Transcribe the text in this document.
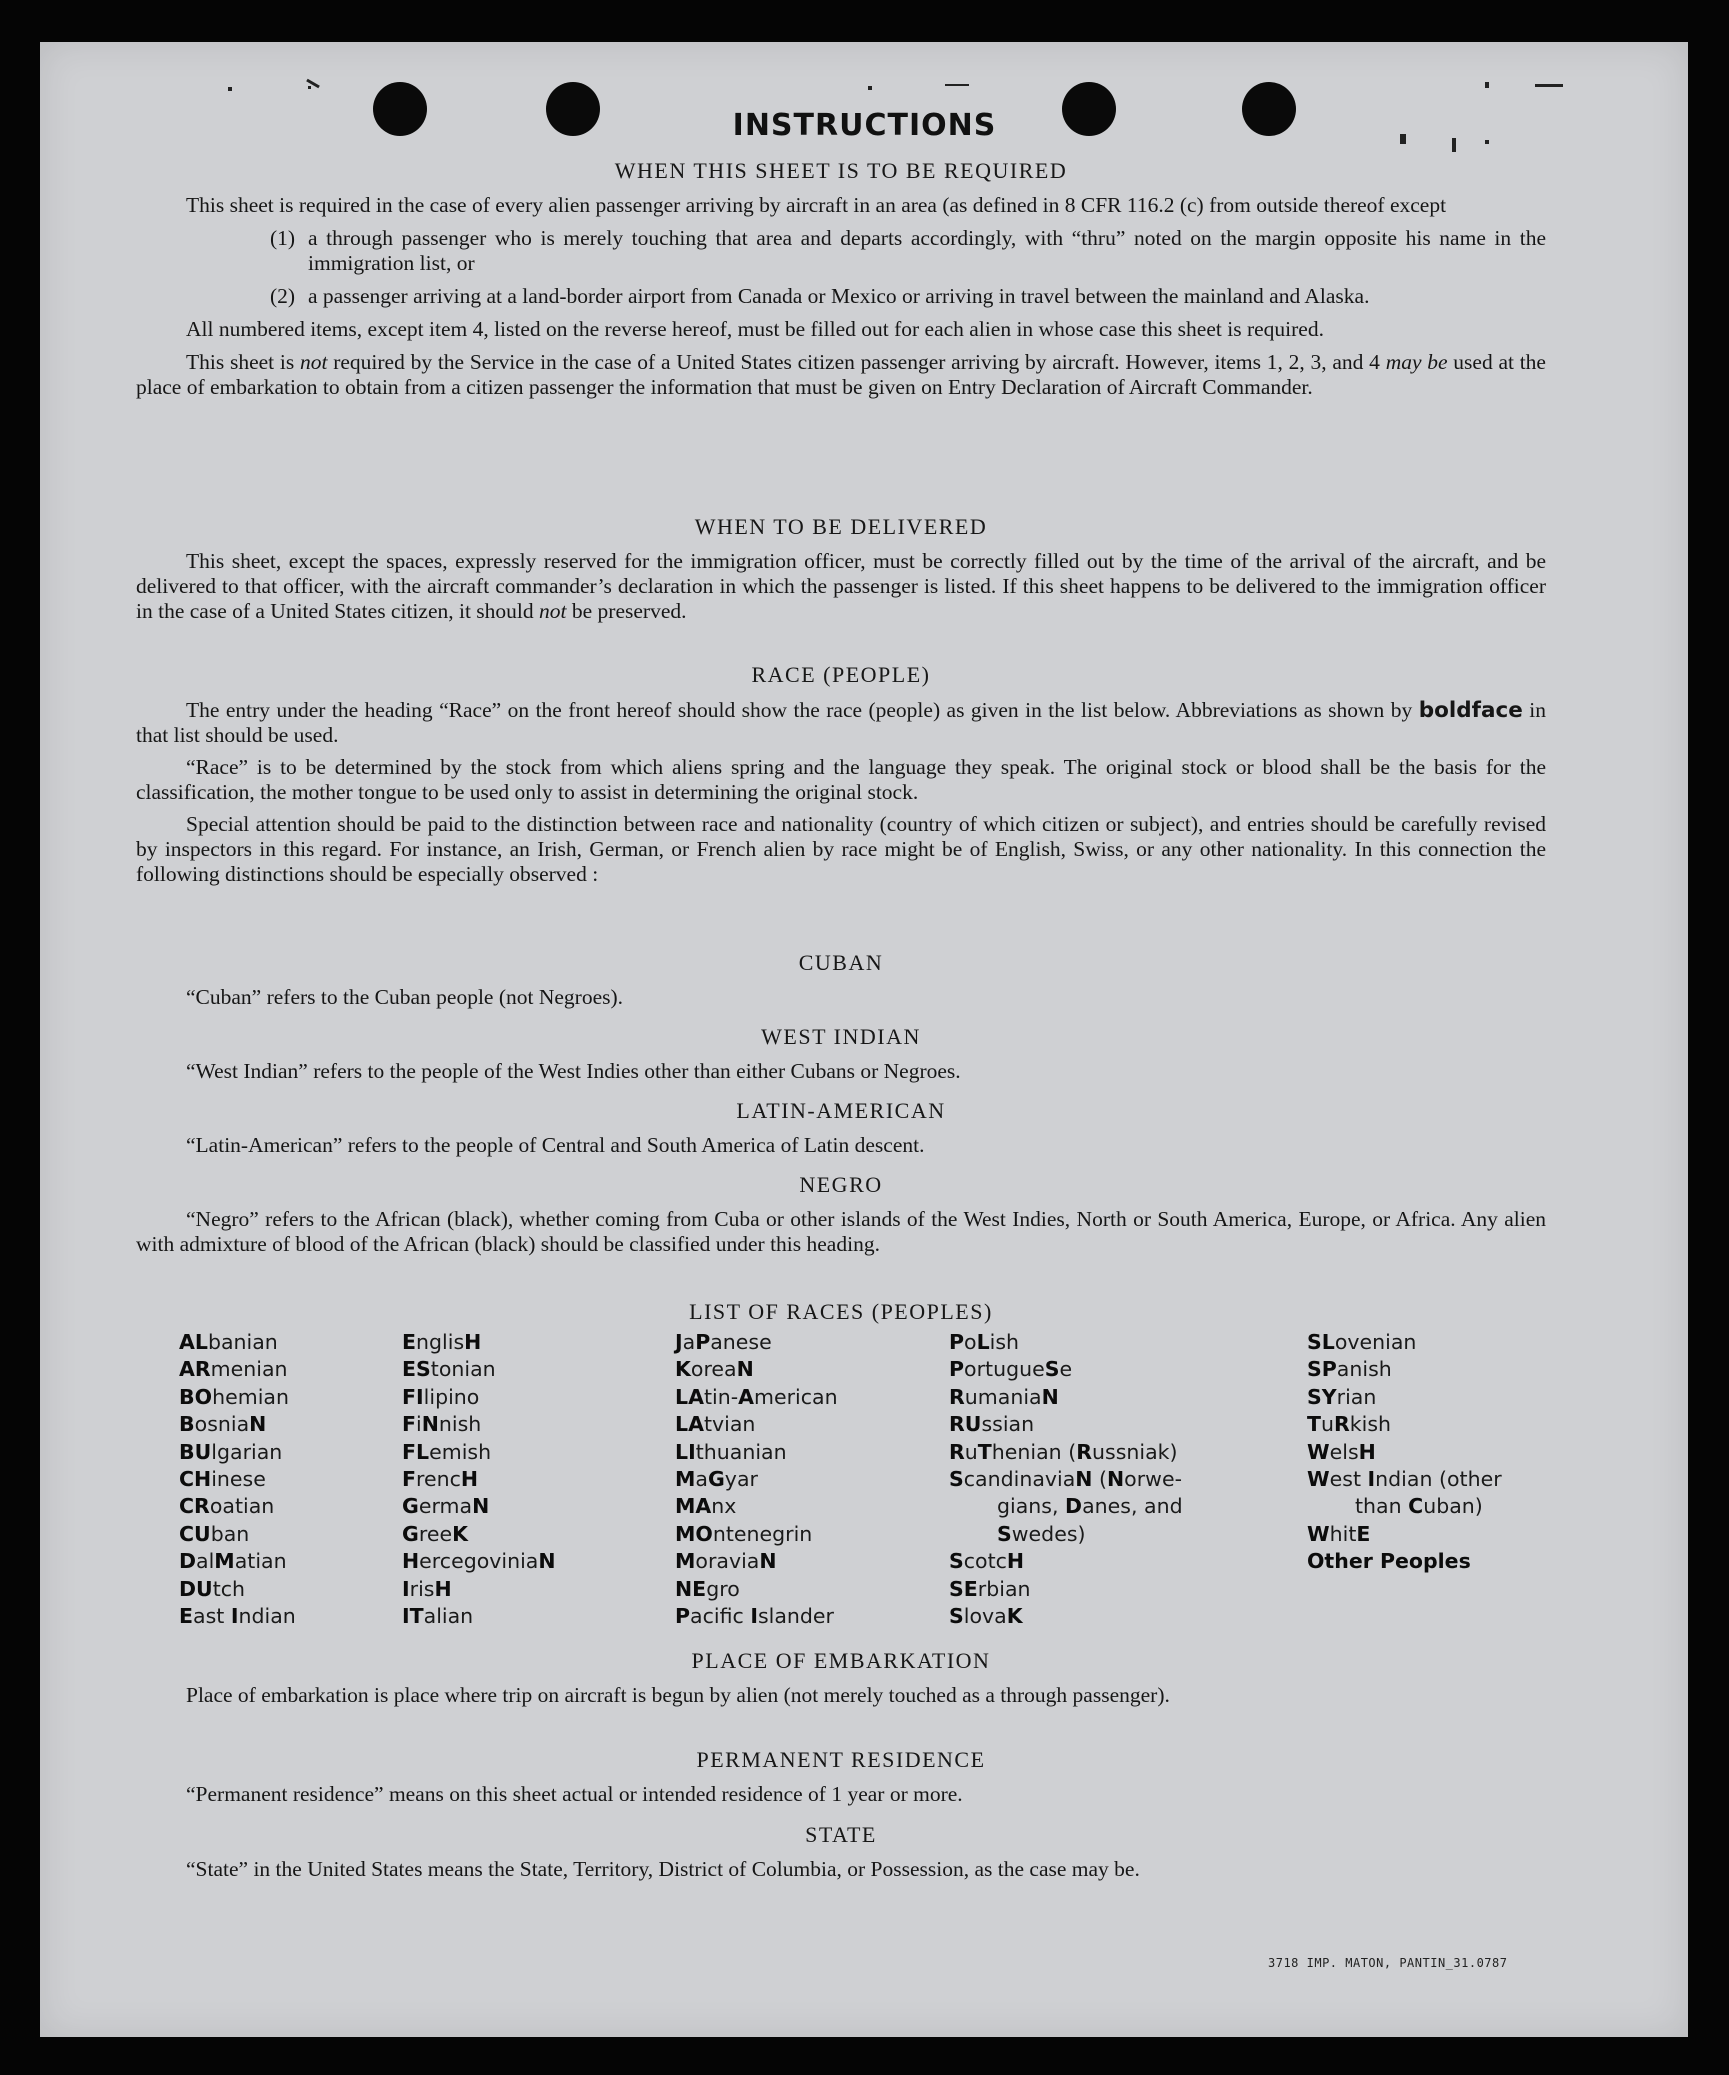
INSTRUCTIONS

WHEN THIS SHEET IS TO BE REQUIRED

This sheet is required in the case of every alien passenger arriving by aircraft in an area (as defined in 8 CFR 116.2 (c) from outside thereof except

(1) a through passenger who is merely touching that area and departs accordingly, with “thru” noted on the margin opposite his name in the immigration list, or
(2) a passenger arriving at a land-border airport from Canada or Mexico or arriving in travel between the mainland and Alaska.

All numbered items, except item 4, listed on the reverse hereof, must be filled out for each alien in whose case this sheet is required.

This sheet is not required by the Service in the case of a United States citizen passenger arriving by aircraft. However, items 1, 2, 3, and 4 may be used at the place of embarkation to obtain from a citizen passenger the information that must be given on Entry Declaration of Aircraft Commander.

WHEN TO BE DELIVERED

This sheet, except the spaces, expressly reserved for the immigration officer, must be correctly filled out by the time of the arrival of the aircraft, and be delivered to that officer, with the aircraft commander’s declaration in which the passenger is listed. If this sheet happens to be delivered to the immigration officer in the case of a United States citizen, it should not be preserved.

RACE (PEOPLE)

The entry under the heading “Race” on the front hereof should show the race (people) as given in the list below. Abbreviations as shown by boldface in that list should be used.

“Race” is to be determined by the stock from which aliens spring and the language they speak. The original stock or blood shall be the basis for the classification, the mother tongue to be used only to assist in determining the original stock.

Special attention should be paid to the distinction between race and nationality (country of which citizen or subject), and entries should be carefully revised by inspectors in this regard. For instance, an Irish, German, or French alien by race might be of English, Swiss, or any other nationality. In this connection the following distinctions should be especially observed :

CUBAN

“Cuban” refers to the Cuban people (not Negroes).

WEST INDIAN

“West Indian” refers to the people of the West Indies other than either Cubans or Negroes.

LATIN-AMERICAN

“Latin-American” refers to the people of Central and South America of Latin descent.

NEGRO

“Negro” refers to the African (black), whether coming from Cuba or other islands of the West Indies, North or South America, Europe, or Africa. Any alien with admixture of blood of the African (black) should be classified under this heading.

LIST OF RACES (PEOPLES)

ALbanian
ARmenian
BOhemian
BosniaN
BUlgarian
CHinese
CRoatian
CUban
DalMatian
DUtch
East Indian
EnglisH
EStonian
FIlipino
FiNnish
FLemish
FrencH
GermaN
GreeK
HercegoviniaN
IrisH
ITalian
JaPanese
KoreaN
LAtin-American
LAtvian
LIthuanian
MaGyar
MAnx
MOntenegrin
MoraviaN
NEgro
Pacifc Islander
PoLish
PortugueSe
RumaniaN
RUssian
RuThenian (Russniak)
ScandinaviaN (Norwe-
gians, Danes, and
Swedes)
ScotcH
SErbian
SlovaK
SLovenian
SPanish
SYrian
TuRkish
WelsH
West Indian (other
than Cuban)
WhitE
Other Peoples

PLACE OF EMBARKATION

Place of embarkation is place where trip on aircraft is begun by alien (not merely touched as a through passenger).

PERMANENT RESIDENCE

“Permanent residence” means on this sheet actual or intended residence of 1 year or more.

STATE

“State” in the United States means the State, Territory, District of Columbia, or Possession, as the case may be.

3718 IMP. MATON, PANTIN_31.0787
